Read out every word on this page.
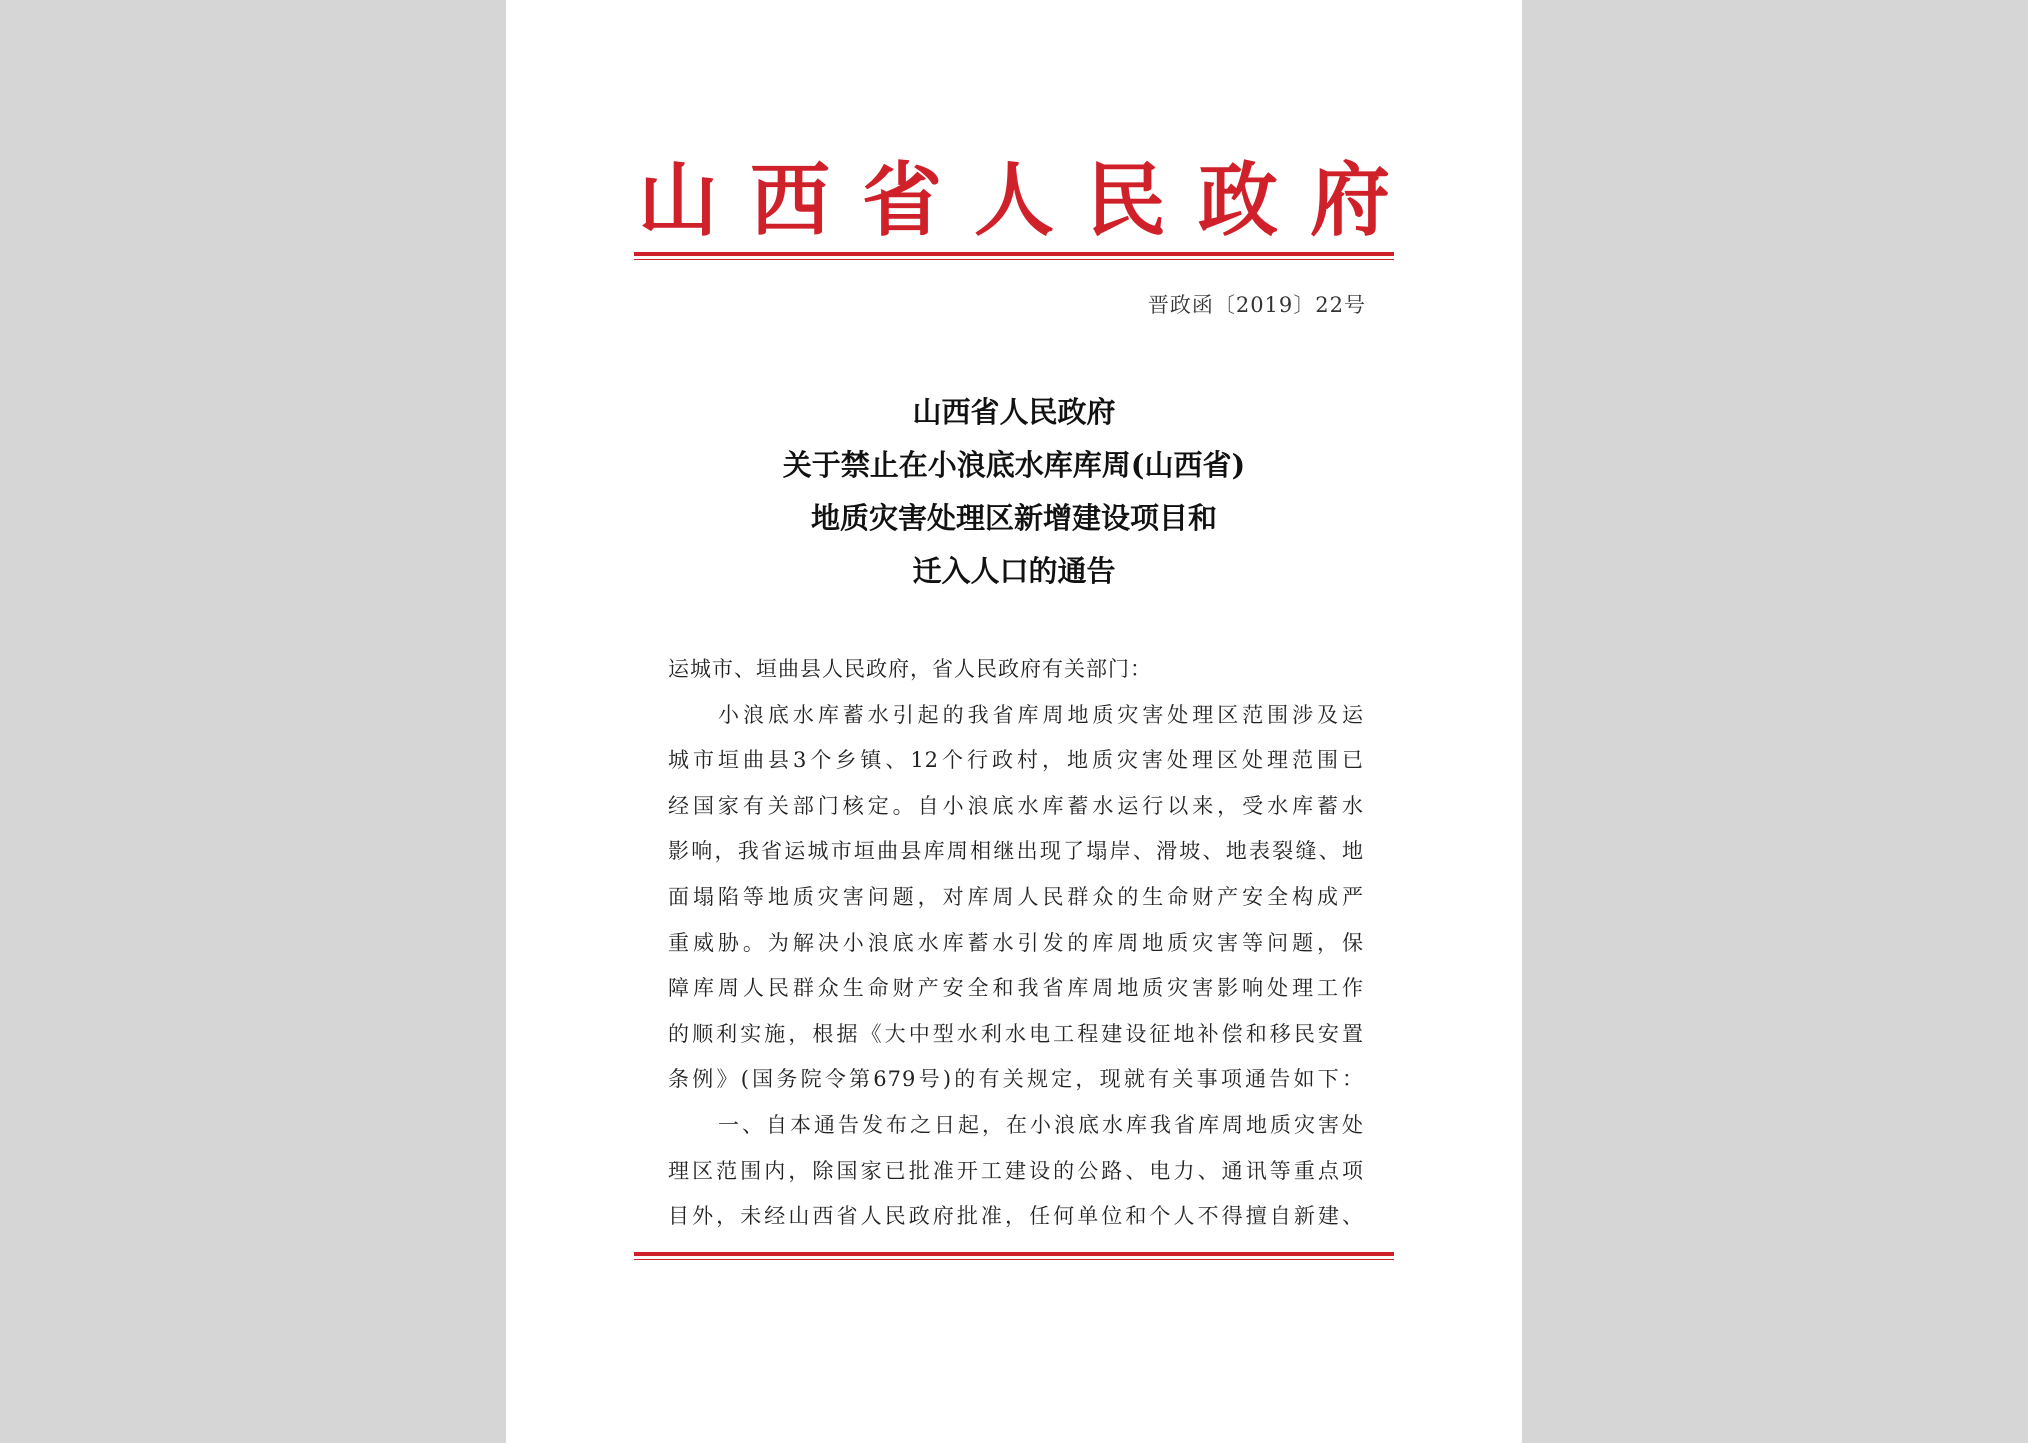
山西省人民政府
晋政函〔2019〕22号
山西省人民政府
关于禁止在小浪底水库库周(山西省)
地质灾害处理区新增建设项目和
迁入人口的通告
运城市、垣曲县人民政府，省人民政府有关部门：
小浪底水库蓄水引起的我省库周地质灾害处理区范围涉及运
城市垣曲县3个乡镇、12个行政村，地质灾害处理区处理范围已
经国家有关部门核定。自小浪底水库蓄水运行以来，受水库蓄水
影响，我省运城市垣曲县库周相继出现了塌岸、滑坡、地表裂缝、地
面塌陷等地质灾害问题，对库周人民群众的生命财产安全构成严
重威胁。为解决小浪底水库蓄水引发的库周地质灾害等问题，保
障库周人民群众生命财产安全和我省库周地质灾害影响处理工作
的顺利实施，根据《大中型水利水电工程建设征地补偿和移民安置
条例》(国务院令第679号)的有关规定，现就有关事项通告如下：
一、自本通告发布之日起，在小浪底水库我省库周地质灾害处
理区范围内，除国家已批准开工建设的公路、电力、通讯等重点项
目外，未经山西省人民政府批准，任何单位和个人不得擅自新建、
